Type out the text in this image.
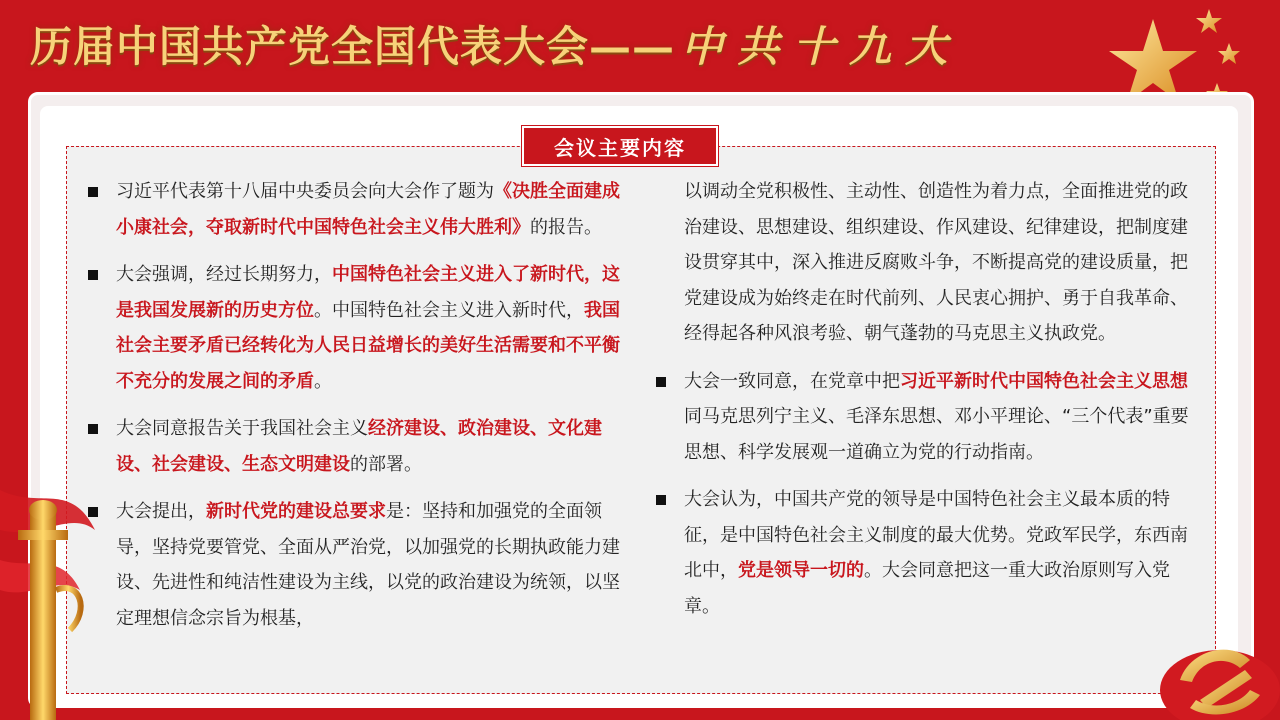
历届中国共产党全国代表大会—— 中共十九大
会议主要内容
习近平代表第十八届中央委员会向大会作了题为《决胜全面建成小康社会，夺取新时代中国特色社会主义伟大胜利》的报告。
大会强调，经过长期努力，中国特色社会主义进入了新时代，这是我国发展新的历史方位。中国特色社会主义进入新时代，我国社会主要矛盾已经转化为人民日益增长的美好生活需要和不平衡不充分的发展之间的矛盾。
大会同意报告关于我国社会主义经济建设、政治建设、文化建设、社会建设、生态文明建设的部署。
大会提出，新时代党的建设总要求是：坚持和加强党的全面领导，坚持党要管党、全面从严治党，以加强党的长期执政能力建设、先进性和纯洁性建设为主线，以党的政治建设为统领，以坚定理想信念宗旨为根基，
以调动全党积极性、主动性、创造性为着力点，全面推进党的政治建设、思想建设、组织建设、作风建设、纪律建设，把制度建设贯穿其中，深入推进反腐败斗争，不断提高党的建设质量，把党建设成为始终走在时代前列、人民衷心拥护、勇于自我革命、经得起各种风浪考验、朝气蓬勃的马克思主义执政党。
大会一致同意，在党章中把习近平新时代中国特色社会主义思想同马克思列宁主义、毛泽东思想、邓小平理论、“三个代表”重要思想、科学发展观一道确立为党的行动指南。
大会认为，中国共产党的领导是中国特色社会主义最本质的特征，是中国特色社会主义制度的最大优势。党政军民学，东西南北中，党是领导一切的。大会同意把这一重大政治原则写入党章。
